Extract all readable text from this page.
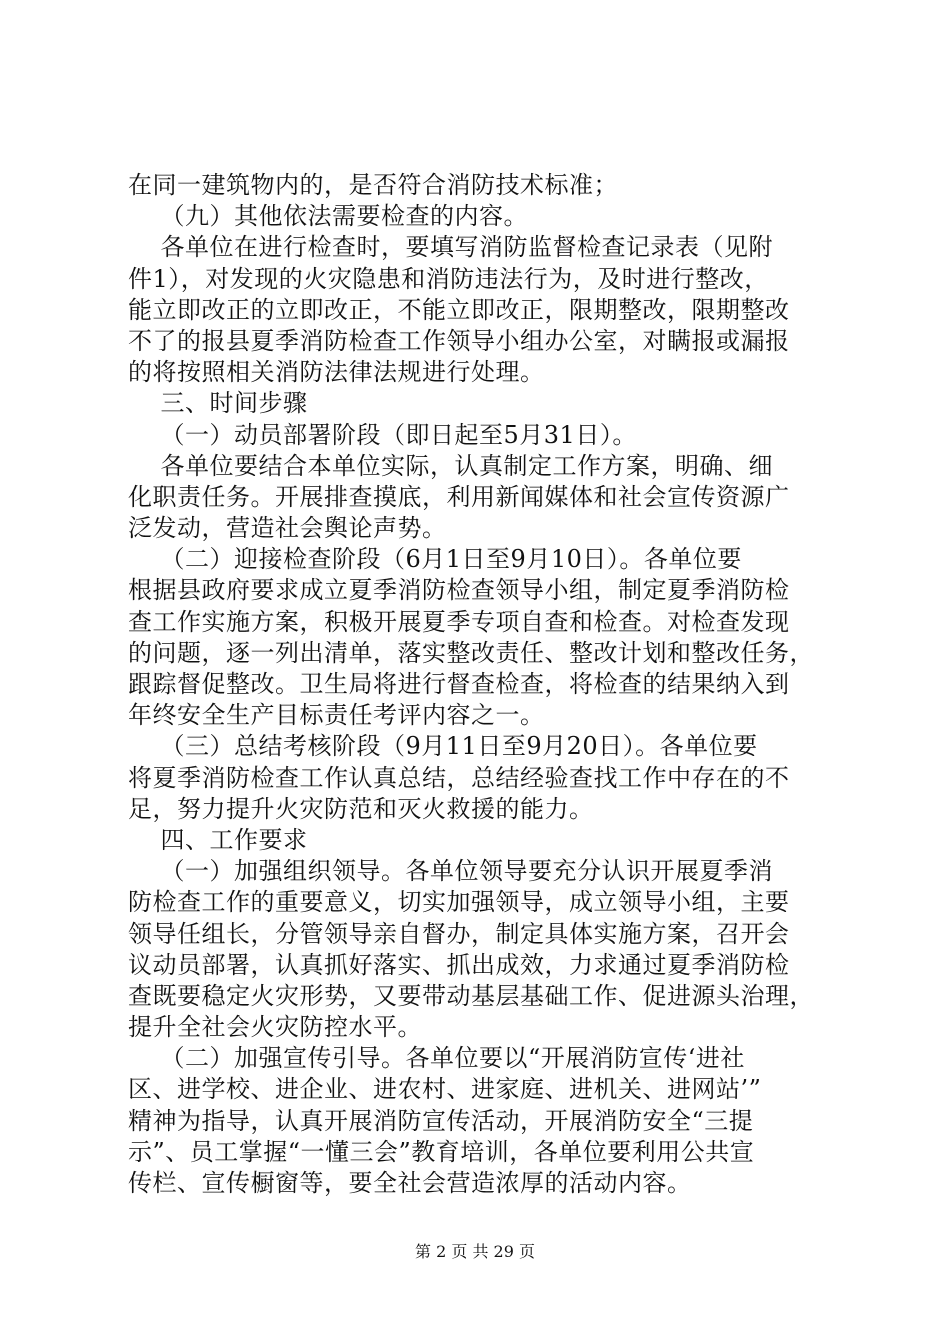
在同一建筑物内的，是否符合消防技术标准；
（九）其他依法需要检查的内容。
各单位在进行检查时，要填写消防监督检查记录表（见附
件1），对发现的火灾隐患和消防违法行为，及时进行整改，
能立即改正的立即改正，不能立即改正，限期整改，限期整改
不了的报县夏季消防检查工作领导小组办公室，对瞒报或漏报
的将按照相关消防法律法规进行处理。
三、时间步骤
（一）动员部署阶段（即日起至5月31日）。
各单位要结合本单位实际，认真制定工作方案，明确、细
化职责任务。开展排查摸底，利用新闻媒体和社会宣传资源广
泛发动，营造社会舆论声势。
（二）迎接检查阶段（6月1日至9月10日）。各单位要
根据县政府要求成立夏季消防检查领导小组，制定夏季消防检
查工作实施方案，积极开展夏季专项自查和检查。对检查发现
的问题，逐一列出清单，落实整改责任、整改计划和整改任务，
跟踪督促整改。卫生局将进行督查检查，将检查的结果纳入到
年终安全生产目标责任考评内容之一。
（三）总结考核阶段（9月11日至9月20日）。各单位要
将夏季消防检查工作认真总结，总结经验查找工作中存在的不
足，努力提升火灾防范和灭火救援的能力。
四、工作要求
（一）加强组织领导。各单位领导要充分认识开展夏季消
防检查工作的重要意义，切实加强领导，成立领导小组，主要
领导任组长，分管领导亲自督办，制定具体实施方案，召开会
议动员部署，认真抓好落实、抓出成效，力求通过夏季消防检
查既要稳定火灾形势，又要带动基层基础工作、促进源头治理，
提升全社会火灾防控水平。
（二）加强宣传引导。各单位要以“开展消防宣传‘进社
区、进学校、进企业、进农村、进家庭、进机关、进网站’”
精神为指导，认真开展消防宣传活动，开展消防安全“三提
示”、员工掌握“一懂三会”教育培训，各单位要利用公共宣
传栏、宣传橱窗等，要全社会营造浓厚的活动内容。
第 2 页 共 29 页
